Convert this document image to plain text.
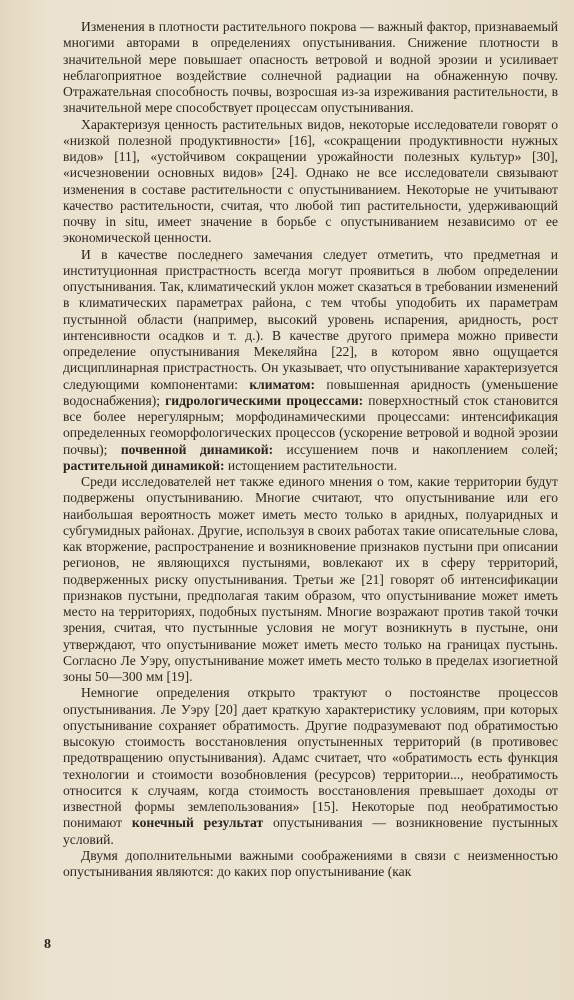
Изменения в плотности растительного покрова — важный фактор, признаваемый многими авторами в определениях опустынивания. Снижение плотности в значительной мере повышает опасность ветровой и водной эрозии и усиливает неблагоприятное воздействие солнечной радиации на обнаженную почву. Отражательная способность почвы, возросшая из-за изреживания растительности, в значительной мере способствует процессам опустынивания.

Характеризуя ценность растительных видов, некоторые исследователи говорят о «низкой полезной продуктивности» [16], «сокращении продуктивности нужных видов» [11], «устойчивом сокращении урожайности полезных культур» [30], «исчезновении основных видов» [24]. Однако не все исследователи связывают изменения в составе растительности с опустыниванием. Некоторые не учитывают качество растительности, считая, что любой тип растительности, удерживающий почву in situ, имеет значение в борьбе с опустыниванием независимо от ее экономической ценности.

И в качестве последнего замечания следует отметить, что предметная и институционная пристрастность всегда могут проявиться в любом определении опустынивания. Так, климатический уклон может сказаться в требовании изменений в климатических параметрах района, с тем чтобы уподобить их параметрам пустынной области (например, высокий уровень испарения, аридность, рост интенсивности осадков и т. д.). В качестве другого примера можно привести определение опустынивания Мекеляйна [22], в котором явно ощущается дисциплинарная пристрастность. Он указывает, что опустынивание характеризуется следующими компонентами: климатом: повышенная аридность (уменьшение водоснабжения); гидрологическими процессами: поверхностный сток становится все более нерегулярным; морфодинамическими процессами: интенсификация определенных геоморфологических процессов (ускорение ветровой и водной эрозии почвы); почвенной динамикой: иссушением почв и накоплением солей; растительной динамикой: истощением растительности.

Среди исследователей нет также единого мнения о том, какие территории будут подвержены опустыниванию. Многие считают, что опустынивание или его наибольшая вероятность может иметь место только в аридных, полуаридных и субгумидных районах. Другие, используя в своих работах такие описательные слова, как вторжение, распространение и возникновение признаков пустыни при описании регионов, не являющихся пустынями, вовлекают их в сферу территорий, подверженных риску опустынивания. Третьи же [21] говорят об интенсификации признаков пустыни, предполагая таким образом, что опустынивание может иметь место на территориях, подобных пустыням. Многие возражают против такой точки зрения, считая, что пустынные условия не могут возникнуть в пустыне, они утверждают, что опустынивание может иметь место только на границах пустынь. Согласно Ле Уэру, опустынивание может иметь место только в пределах изогиетной зоны 50—300 мм [19].

Немногие определения открыто трактуют о постоянстве процессов опустынивания. Ле Уэру [20] дает краткую характеристику условиям, при которых опустынивание сохраняет обратимость. Другие подразумевают под обратимостью высокую стоимость восстановления опустыненных территорий (в противовес предотвращению опустынивания). Адамс считает, что «обратимость есть функция технологии и стоимости возобновления (ресурсов) территории..., необратимость относится к случаям, когда стоимость восстановления превышает доходы от известной формы землепользования» [15]. Некоторые под необратимостью понимают конечный результат опустынивания — возникновение пустынных условий.

Двумя дополнительными важными соображениями в связи с неизменностью опустынивания являются: до каких пор опустынивание (как

8
